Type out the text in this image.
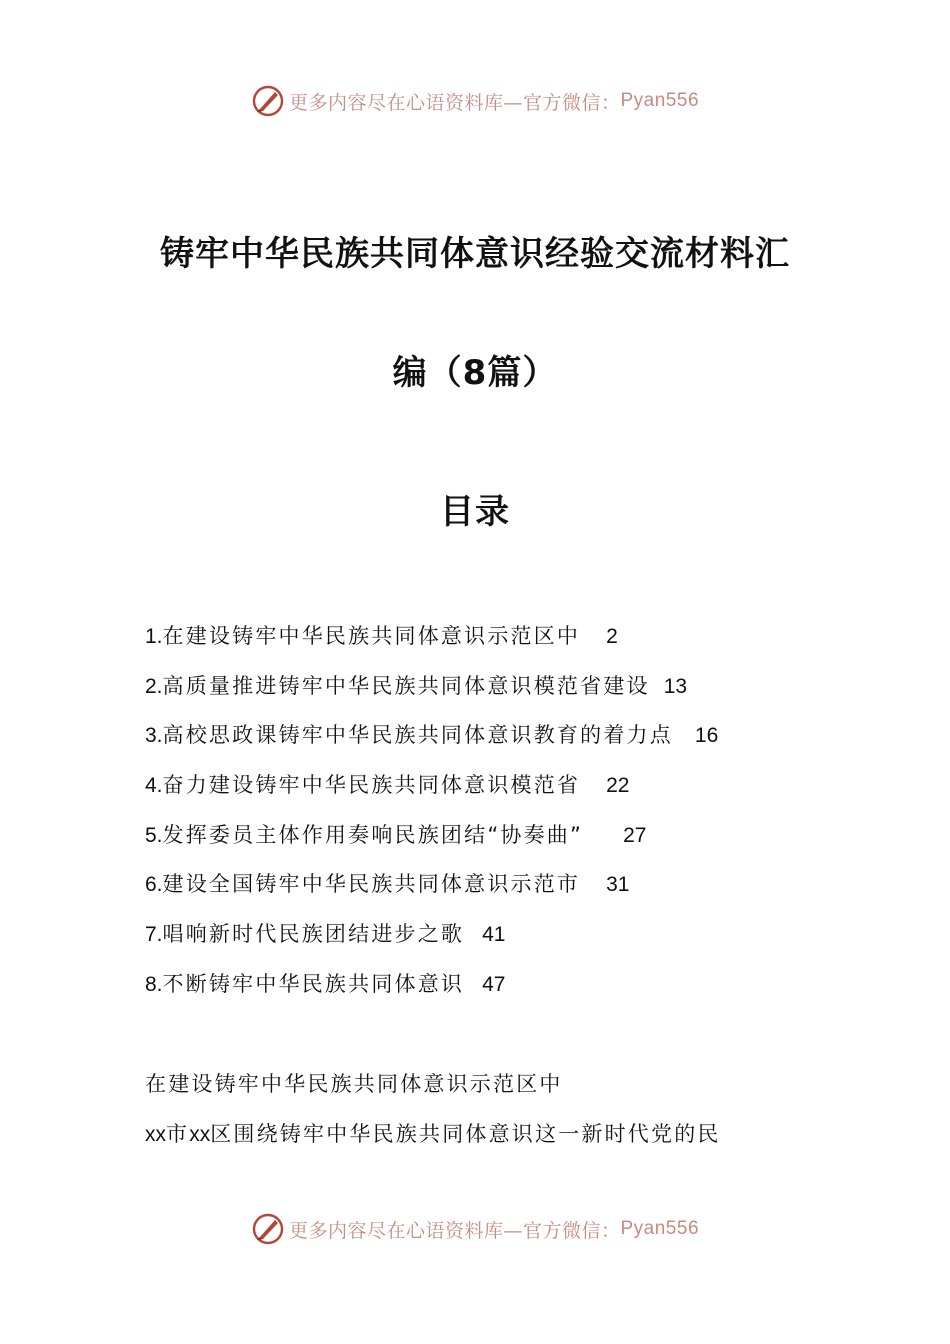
更多内容尽在心语资料库—官方微信： Pyan556
铸牢中华民族共同体意识经验交流材料汇
编（8篇）
目录
1.在建设铸牢中华民族共同体意识示范区中 2
2.高质量推进铸牢中华民族共同体意识模范省建设 13
3.高校思政课铸牢中华民族共同体意识教育的着力点 16
4.奋力建设铸牢中华民族共同体意识模范省 22
5.发挥委员主体作用奏响民族团结“协奏曲” 27
6.建设全国铸牢中华民族共同体意识示范市 31
7.唱响新时代民族团结进步之歌 41
8.不断铸牢中华民族共同体意识 47
在建设铸牢中华民族共同体意识示范区中
xx市xx区围绕铸牢中华民族共同体意识这一新时代党的民
更多内容尽在心语资料库—官方微信： Pyan556
